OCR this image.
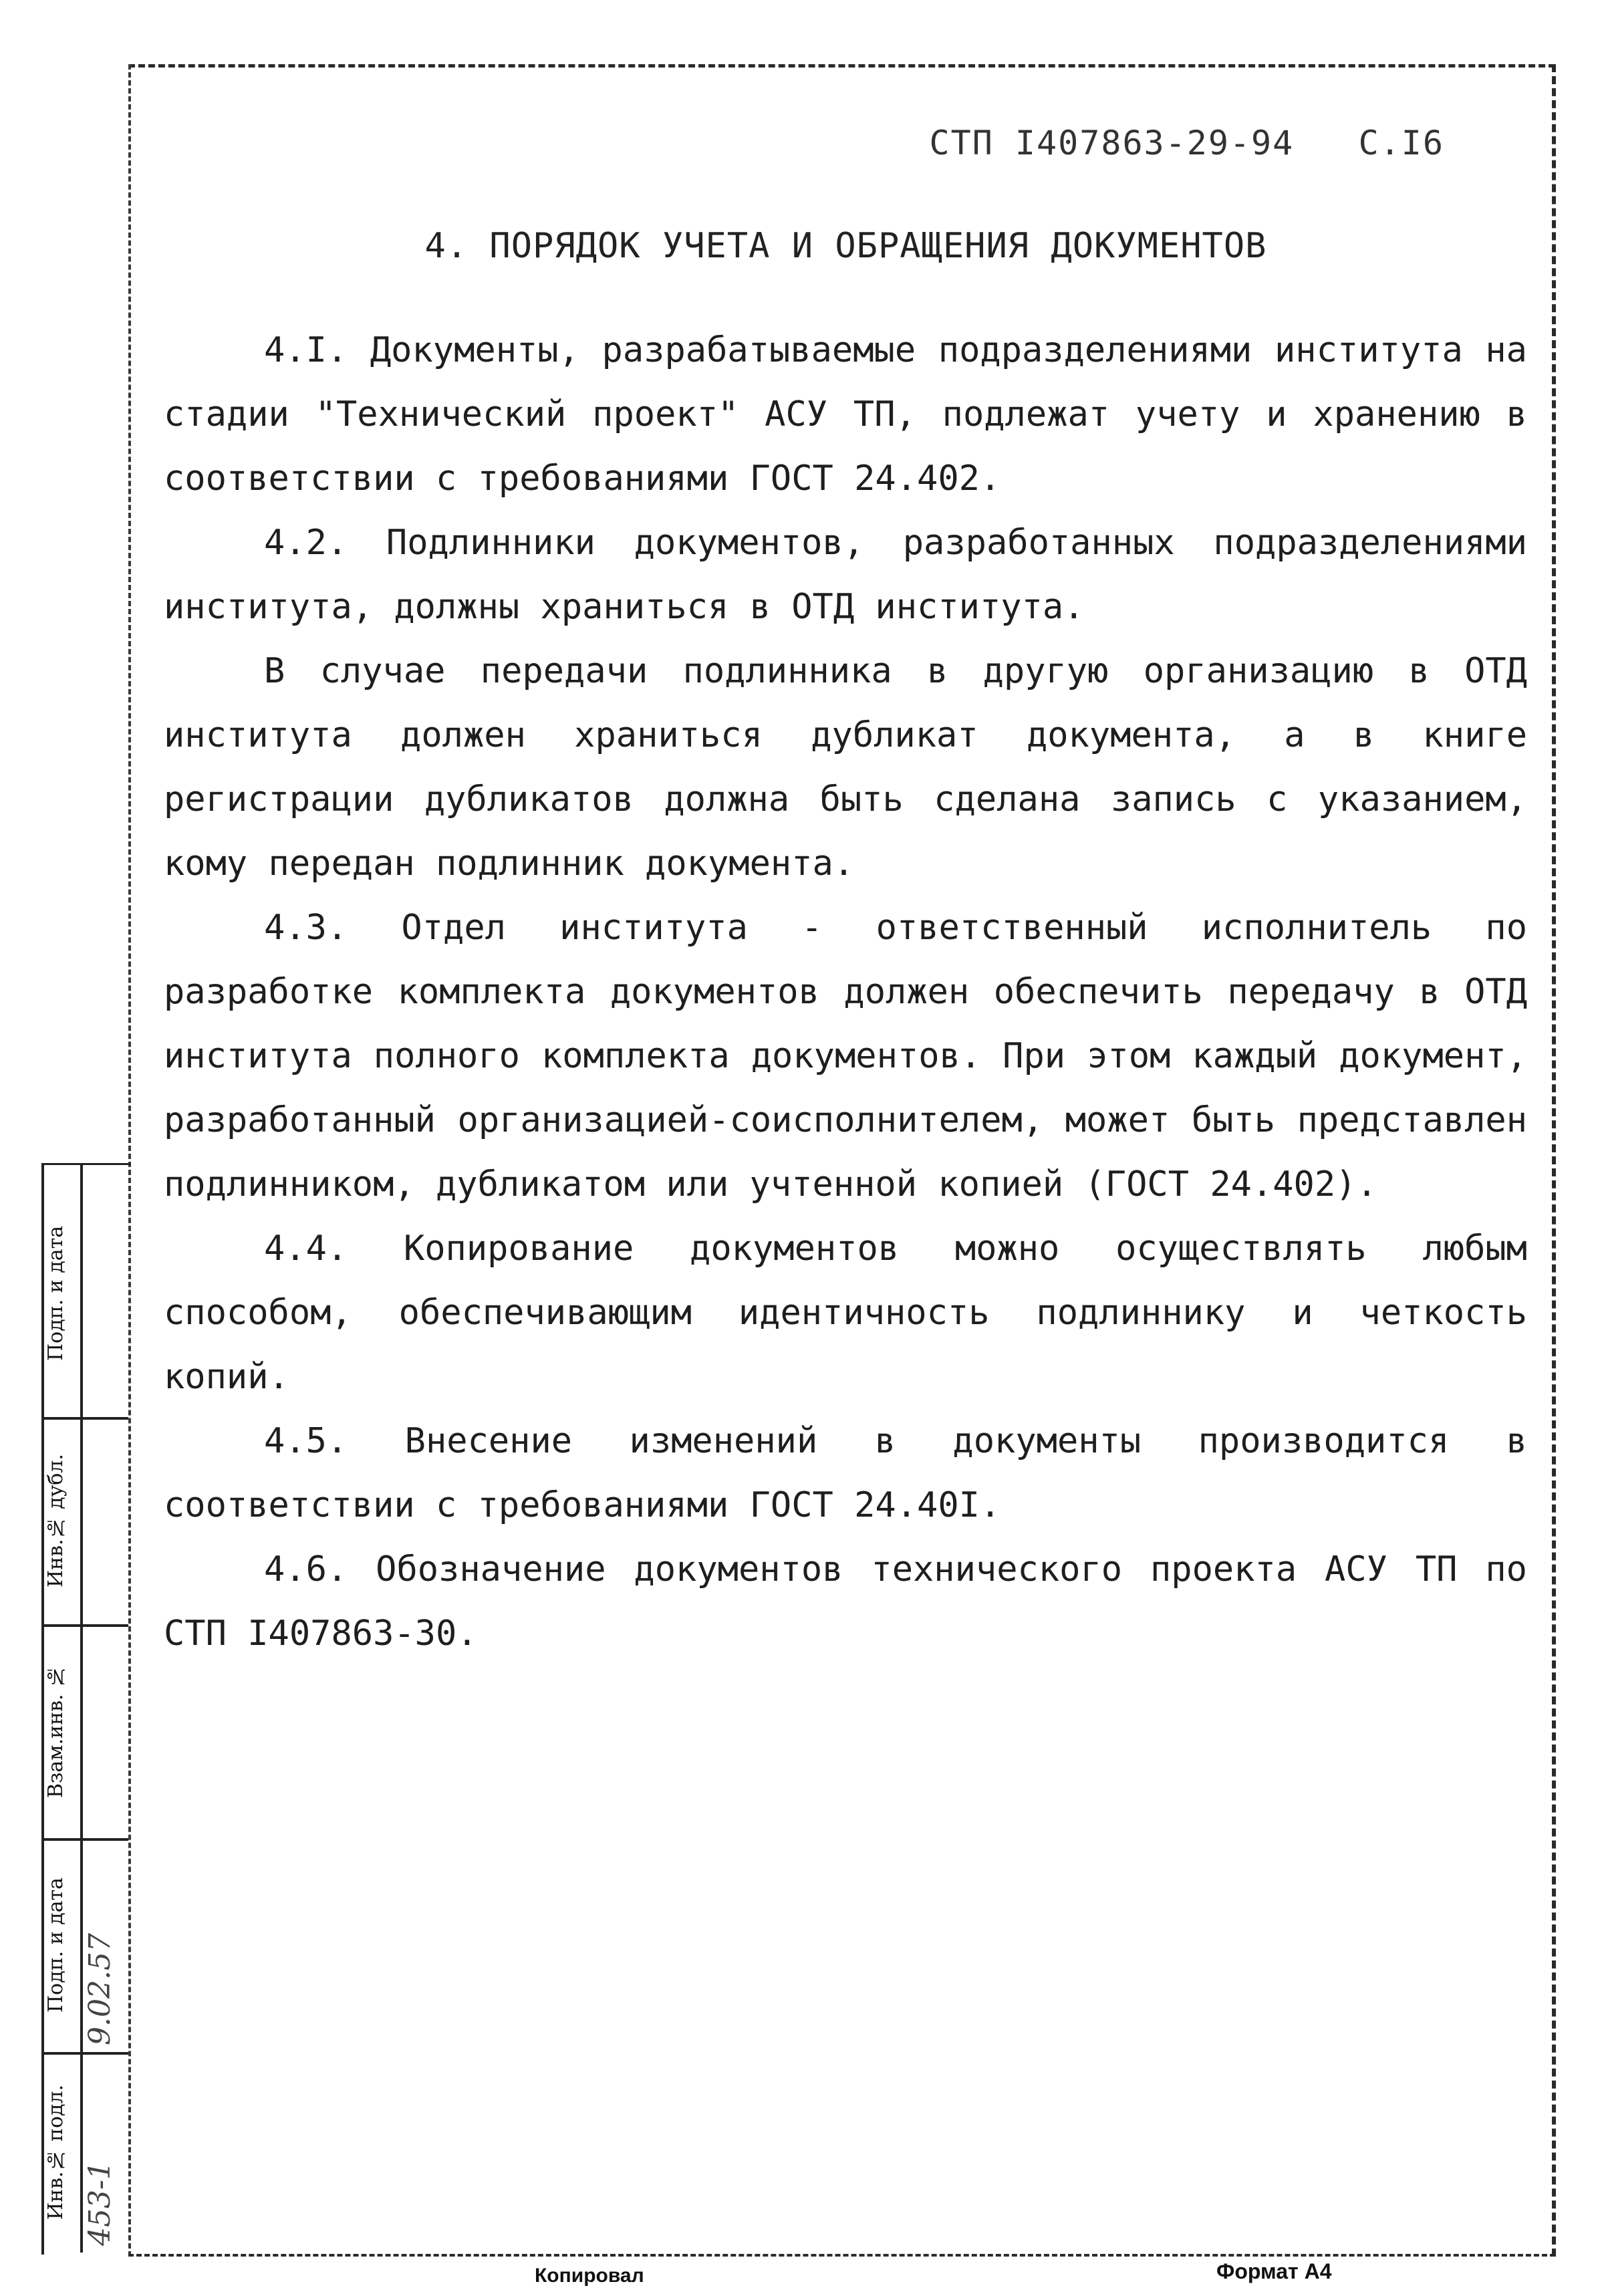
СТП I407863-29-94 С.I6
4. ПОРЯДОК УЧЕТА И ОБРАЩЕНИЯ ДОКУМЕНТОВ

4.I. Документы, разрабатываемые подразделениями института на стадии "Технический проект" АСУ ТП, подлежат учету и хранению в соответствии с требованиями ГОСТ 24.402.

4.2. Подлинники документов, разработанных подразделениями института, должны храниться в ОТД института.

В случае передачи подлинника в другую организацию в ОТД института должен храниться дубликат документа, а в книге регистрации дубликатов должна быть сделана запись с указанием, кому передан подлинник документа.

4.3. Отдел института - ответственный исполнитель по разработке комплекта документов должен обеспечить передачу в ОТД института полного комплекта документов. При этом каждый документ, разработанный организацией-соисполнителем, может быть представлен подлинником, дубликатом или учтенной копией (ГОСТ 24.402).

4.4. Копирование документов можно осуществлять любым способом, обеспечивающим идентичность подлиннику и четкость копий.

4.5. Внесение изменений в документы производится в соответствии с требованиями ГОСТ 24.40I.

4.6. Обозначение документов технического проекта АСУ ТП по СТП I407863-30.

Подп. и дата
Инв.№ дубл.
Взам.инв. №
Подп. и дата
Инв.№ подл.
9.02.57
453-1
Копировал	Формат А4
